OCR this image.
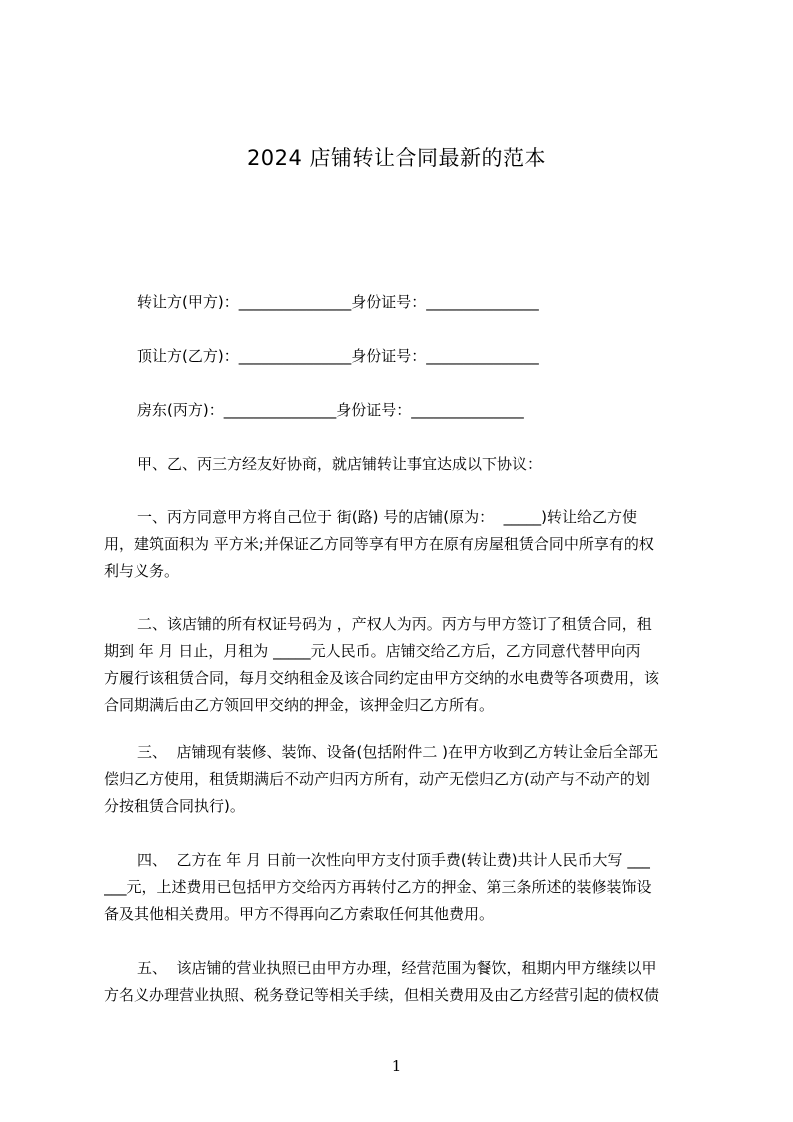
2024 店铺转让合同最新的范本
转让方(甲方)：_______________身份证号：_______________
顶让方(乙方)：_______________身份证号：_______________
房东(丙方)：_______________身份证号：_______________
甲、乙、丙三方经友好协商，就店铺转让事宜达成以下协议：
一、丙方同意甲方将自己位于 街(路) 号的店铺(原为：  _____)转让给乙方使
用，建筑面积为 平方米;并保证乙方同等享有甲方在原有房屋租赁合同中所享有的权
利与义务。
二、该店铺的所有权证号码为 ，产权人为丙。丙方与甲方签订了租赁合同，租
期到 年 月 日止，月租为 _____元人民币。店铺交给乙方后，乙方同意代替甲向丙
方履行该租赁合同，每月交纳租金及该合同约定由甲方交纳的水电费等各项费用，该
合同期满后由乙方领回甲交纳的押金，该押金归乙方所有。
三、  店铺现有装修、装饰、设备(包括附件二 )在甲方收到乙方转让金后全部无
偿归乙方使用，租赁期满后不动产归丙方所有，动产无偿归乙方(动产与不动产的划
分按租赁合同执行)。
四、  乙方在 年 月 日前一次性向甲方支付顶手费(转让费)共计人民币大写 ___
___元，上述费用已包括甲方交给丙方再转付乙方的押金、第三条所述的装修装饰设
备及其他相关费用。甲方不得再向乙方索取任何其他费用。
五、  该店铺的营业执照已由甲方办理，经营范围为餐饮，租期内甲方继续以甲
方名义办理营业执照、税务登记等相关手续，但相关费用及由乙方经营引起的债权债
1
